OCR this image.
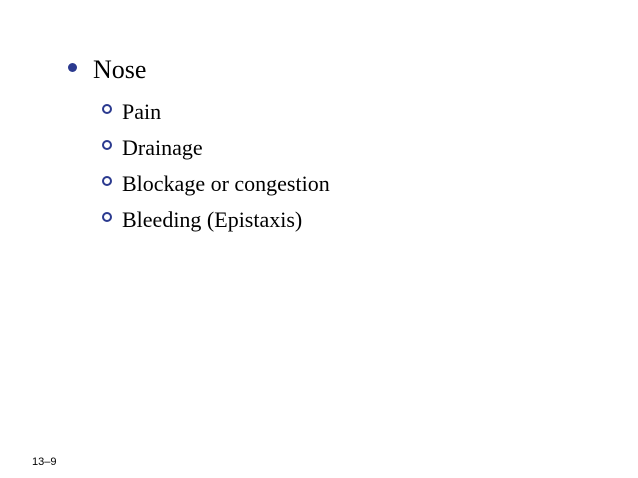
Nose
Pain
Drainage
Blockage or congestion
Bleeding (Epistaxis)
13–9
